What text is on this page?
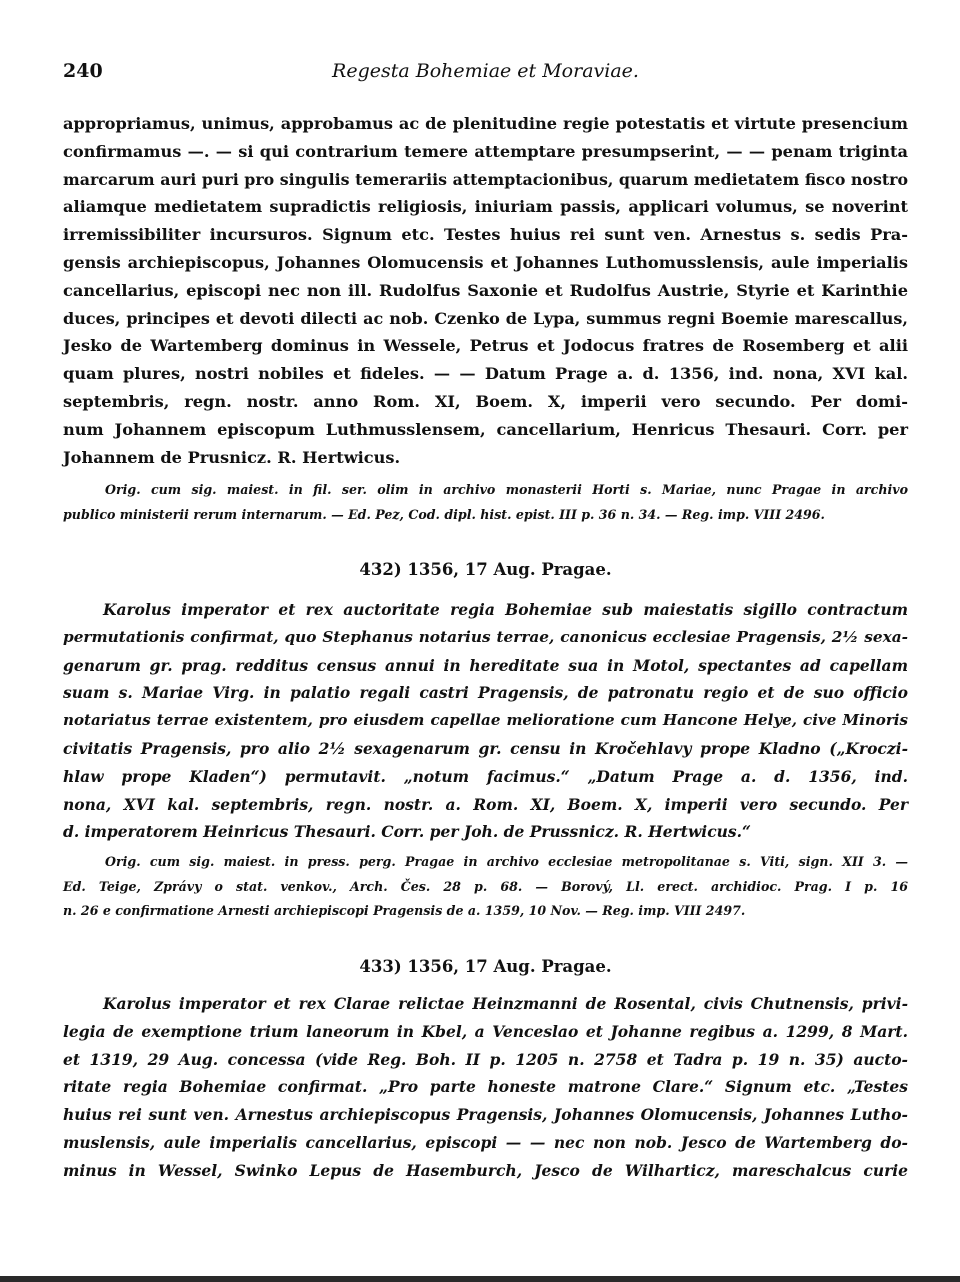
240	Regesta Bohemiae et Moraviae.
appropriamus, unimus, approbamus ac de plenitudine regie potestatis et virtute presencium
confirmamus —. — si qui contrarium temere attemptare presumpserint, — — penam triginta
marcarum auri puri pro singulis temerariis attemptacionibus, quarum medietatem fisco nostro
aliamque medietatem supradictis religiosis, iniuriam passis, applicari volumus, se noverint
irremissibiliter incursuros. Signum etc. Testes huius rei sunt ven. Arnestus s. sedis Pra-
gensis archiepiscopus, Johannes Olomucensis et Johannes Luthomusslensis, aule imperialis
cancellarius, episcopi nec non ill. Rudolfus Saxonie et Rudolfus Austrie, Styrie et Karinthie
duces, principes et devoti dilecti ac nob. Czenko de Lypa, summus regni Boemie marescallus,
Jesko de Wartemberg dominus in Wessele, Petrus et Jodocus fratres de Rosemberg et alii
quam plures, nostri nobiles et fideles. — — Datum Prage a. d. 1356, ind. nona, XVI kal.
septembris, regn. nostr. anno Rom. XI, Boem. X, imperii vero secundo. Per domi-
num Johannem episcopum Luthmusslensem, cancellarium, Henricus Thesauri. Corr. per
Johannem de Prusnicz. R. Hertwicus.
Orig. cum sig. maiest. in fil. ser. olim in archivo monasterii Horti s. Mariae, nunc Pragae in archivo
publico ministerii rerum internarum. — Ed. Pez, Cod. dipl. hist. epist. III p. 36 n. 34. — Reg. imp. VIII 2496.
432) 1356, 17 Aug. Pragae.
Karolus imperator et rex auctoritate regia Bohemiae sub maiestatis sigillo contractum
permutationis confirmat, quo Stephanus notarius terrae, canonicus ecclesiae Pragensis, 2½ sexa-
genarum gr. prag. redditus census annui in hereditate sua in Motol, spectantes ad capellam
suam s. Mariae Virg. in palatio regali castri Pragensis, de patronatu regio et de suo officio
notariatus terrae existentem, pro eiusdem capellae melioratione cum Hancone Helye, cive Minoris
civitatis Pragensis, pro alio 2½ sexagenarum gr. censu in Kročehlavy prope Kladno („Kroczi-
hlaw prope Kladen“) permutavit. „notum facimus.“ „Datum Prage a. d. 1356, ind.
nona, XVI kal. septembris, regn. nostr. a. Rom. XI, Boem. X, imperii vero secundo. Per
d. imperatorem Heinricus Thesauri. Corr. per Joh. de Prussnicz. R. Hertwicus.“
Orig. cum sig. maiest. in press. perg. Pragae in archivo ecclesiae metropolitanae s. Viti, sign. XII 3. —
Ed. Teige, Zprávy o stat. venkov., Arch. Čes. 28 p. 68. — Borový, Ll. erect. archidioc. Prag. I p. 16
n. 26 e confirmatione Arnesti archiepiscopi Pragensis de a. 1359, 10 Nov. — Reg. imp. VIII 2497.
433) 1356, 17 Aug. Pragae.
Karolus imperator et rex Clarae relictae Heinzmanni de Rosental, civis Chutnensis, privi-
legia de exemptione trium laneorum in Kbel, a Venceslao et Johanne regibus a. 1299, 8 Mart.
et 1319, 29 Aug. concessa (vide Reg. Boh. II p. 1205 n. 2758 et Tadra p. 19 n. 35) aucto-
ritate regia Bohemiae confirmat. „Pro parte honeste matrone Clare.“ Signum etc. „Testes
huius rei sunt ven. Arnestus archiepiscopus Pragensis, Johannes Olomucensis, Johannes Lutho-
muslensis, aule imperialis cancellarius, episcopi — — nec non nob. Jesco de Wartemberg do-
minus in Wessel, Swinko Lepus de Hasemburch, Jesco de Wilharticz, mareschalcus curie
